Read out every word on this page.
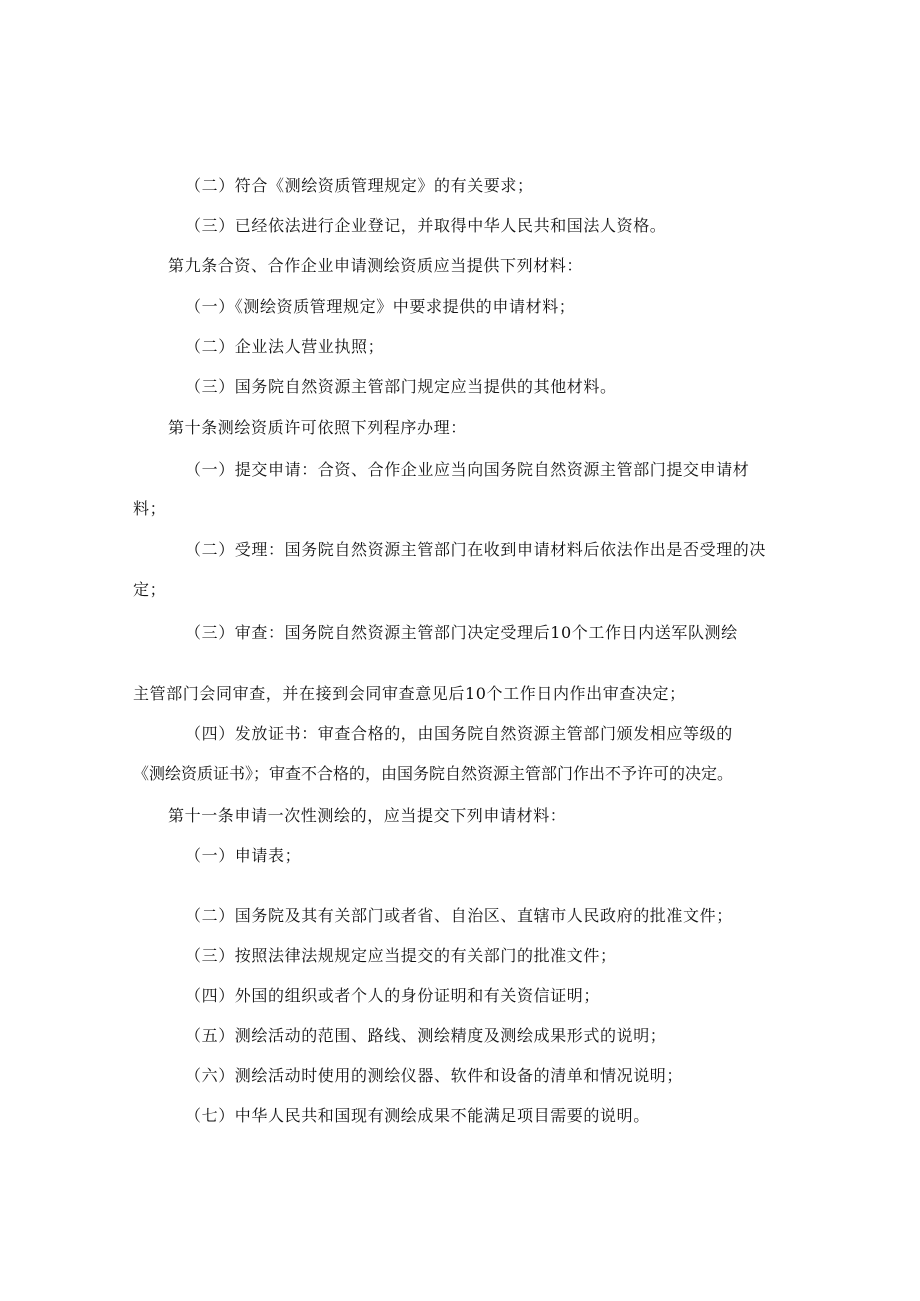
（二）符合《测绘资质管理规定》的有关要求；
（三）已经依法进行企业登记，并取得中华人民共和国法人资格。
第九条合资、合作企业申请测绘资质应当提供下列材料：
（一）《测绘资质管理规定》中要求提供的申请材料；
（二）企业法人营业执照；
（三）国务院自然资源主管部门规定应当提供的其他材料。
第十条测绘资质许可依照下列程序办理：
（一）提交申请：合资、合作企业应当向国务院自然资源主管部门提交申请材
料；
（二）受理：国务院自然资源主管部门在收到申请材料后依法作出是否受理的决
定；
（三）审查：国务院自然资源主管部门决定受理后10个工作日内送军队测绘
主管部门会同审查，并在接到会同审查意见后10个工作日内作出审查决定；
（四）发放证书：审查合格的，由国务院自然资源主管部门颁发相应等级的
《测绘资质证书》；审查不合格的，由国务院自然资源主管部门作出不予许可的决定。
第十一条申请一次性测绘的，应当提交下列申请材料：
（一）申请表；
（二）国务院及其有关部门或者省、自治区、直辖市人民政府的批准文件；
（三）按照法律法规规定应当提交的有关部门的批准文件；
（四）外国的组织或者个人的身份证明和有关资信证明；
（五）测绘活动的范围、路线、测绘精度及测绘成果形式的说明；
（六）测绘活动时使用的测绘仪器、软件和设备的清单和情况说明；
（七）中华人民共和国现有测绘成果不能满足项目需要的说明。
